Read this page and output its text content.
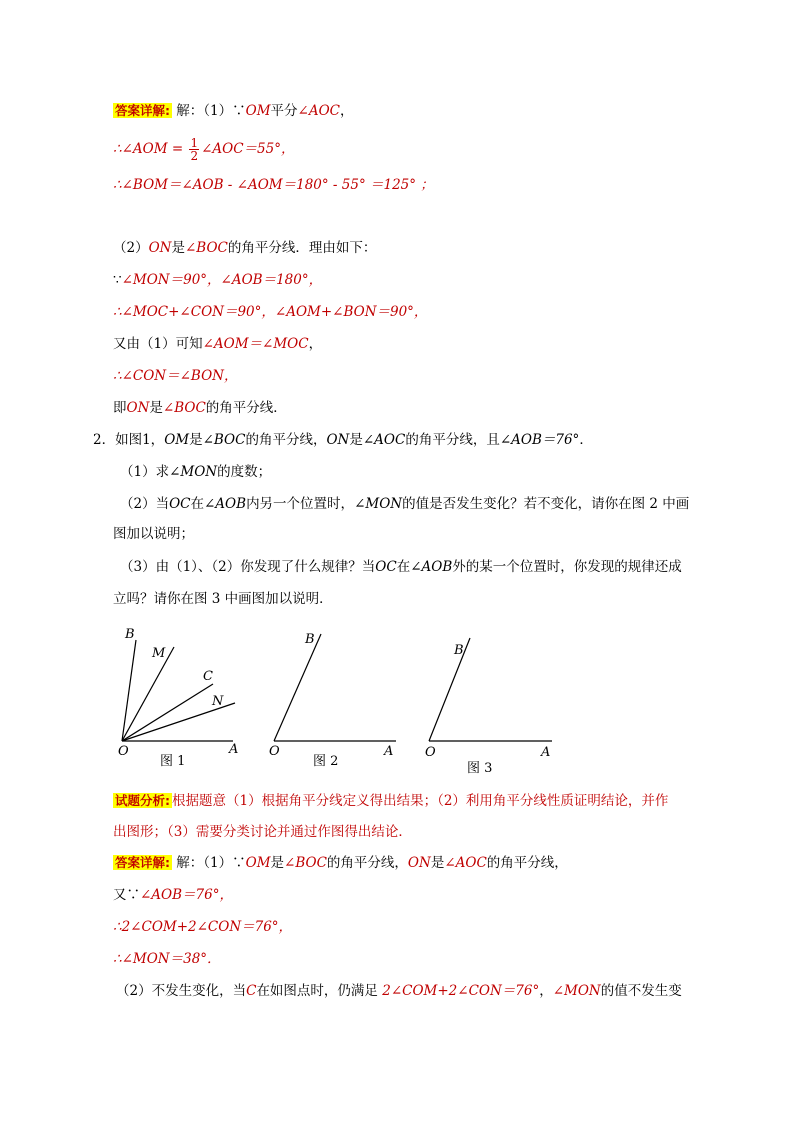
答案详解: 解：（1）∵OM平分∠AOC，
∴∠AOM = $\frac{1}{2}$ ∠AOC＝55°，
∴∠BOM＝∠AOB - ∠AOM＝180° - 55° ＝125° ；
（2）ON是∠BOC的角平分线．理由如下：
∵∠MON＝90°，∠AOB＝180°，
∴∠MOC+∠CON＝90°，∠AOM+∠BON＝90°，
又由（1）可知∠AOM＝∠MOC，
∴∠CON＝∠BON，
即ON是∠BOC的角平分线．
2．如图1，OM是∠BOC的角平分线，ON是∠AOC的角平分线，且∠AOB＝76°．
（1）求∠MON的度数；
（2）当OC在∠AOB内另一个位置时，∠MON的值是否发生变化？若不变化，请你在图 2 中画
图加以说明；
（3）由（1）、（2）你发现了什么规律？当OC在∠AOB外的某一个位置时，你发现的规律还成
立吗？请你在图 3 中画图加以说明．
B
M
C
N
O	A
B
O	A
B
O	A
图 1	图 2	图 3
试题分析: 根据题意（1）根据角平分线定义得出结果；（2）利用角平分线性质证明结论，并作
出图形；（3）需要分类讨论并通过作图得出结论．
答案详解: 解：（1）∵OM是∠BOC的角平分线，ON是∠AOC的角平分线，
又∵∠AOB＝76°，
∴2∠COM+2∠CON＝76°，
∴∠MON＝38°．
（2）不发生变化，当C在如图点时，仍满足 2∠COM+2∠CON＝76°，∠MON的值不发生变
